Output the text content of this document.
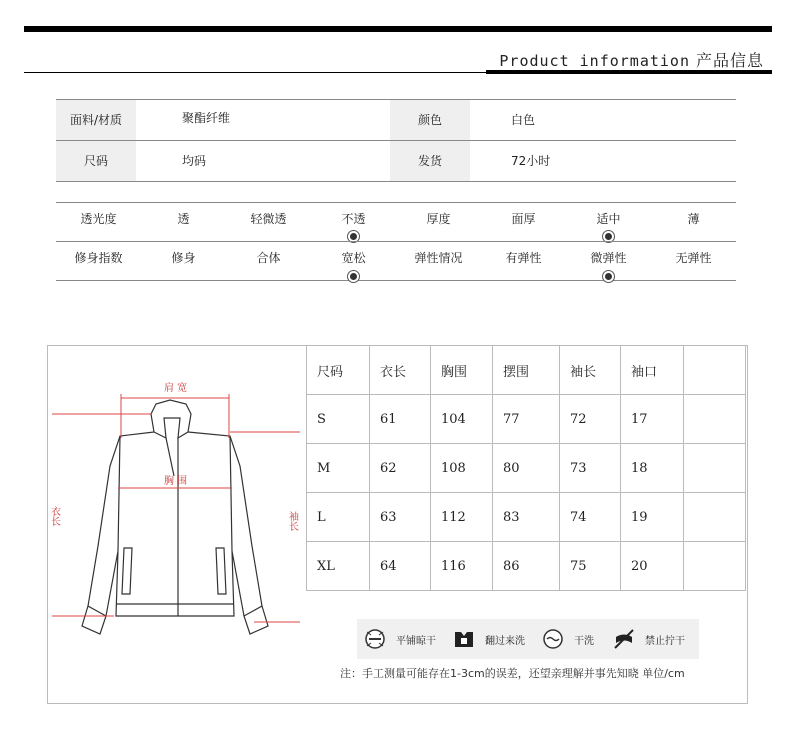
Product information 产品信息
面料/材质	聚酯纤维	颜色	白色
尺码	均码	发货	72小时
透光度	透	轻微透	不透	厚度	面厚	适中	薄
修身指数	修身	合体	宽松	弹性情况	有弹性	微弹性	无弹性
肩 宽
胸 围
衣长	袖长
尺码	衣长	胸围	摆围	袖长	袖口	
S	61	104	77	72	17	
M	62	108	80	73	18	
L	63	112	83	74	19	
XL	64	116	86	75	20	
平铺晾干	翻过来洗	干洗	禁止拧干
注：手工测量可能存在1-3cm的误差，还望亲理解并事先知晓 单位/cm
